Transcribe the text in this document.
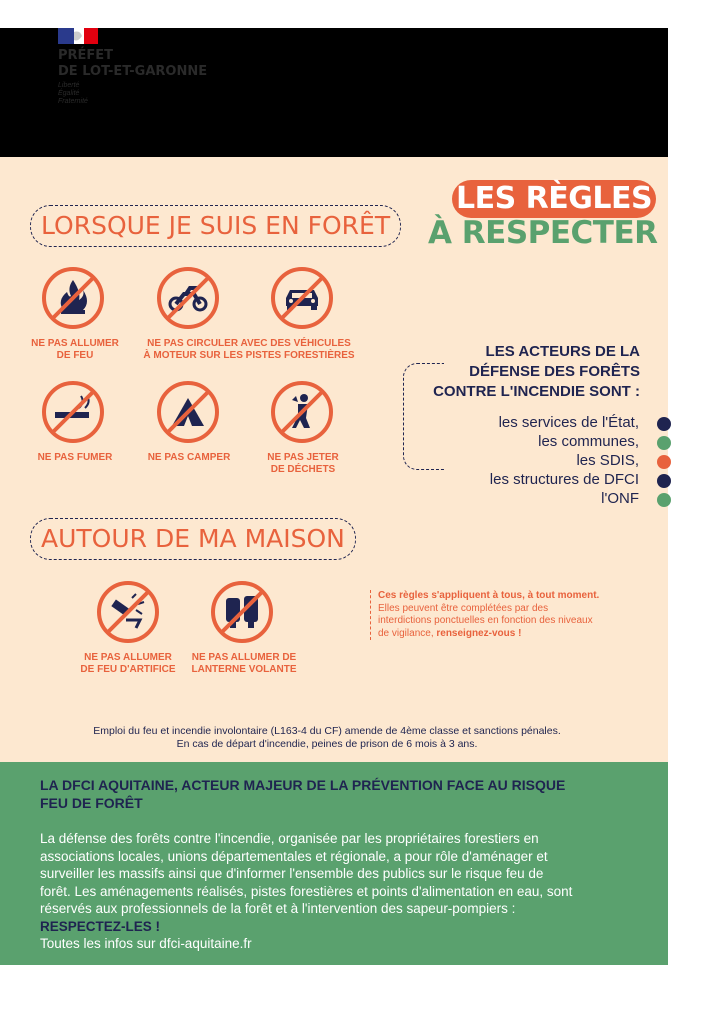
PRÉFET
DE LOT-ET-GARONNE
Liberté
Égalité
Fraternité
LES RÈGLES
À RESPECTER
LORSQUE JE SUIS EN FORÊT
NE PAS ALLUMER
DE FEU
NE PAS CIRCULER AVEC DES VÉHICULES
À MOTEUR SUR LES PISTES FORESTIÈRES
NE PAS FUMER	NE PAS CAMPER	NE PAS JETER
DE DÉCHETS
AUTOUR DE MA MAISON
NE PAS ALLUMER
DE FEU D'ARTIFICE
NE PAS ALLUMER DE
LANTERNE VOLANTE
LES ACTEURS DE LA
DÉFENSE DES FORÊTS
CONTRE L'INCENDIE SONT :
les services de l'État,
les communes,
les SDIS,
les structures de DFCI
l'ONF
Ces règles s'appliquent à tous, à tout moment.
Elles peuvent être complétées par des
interdictions ponctuelles en fonction des niveaux
de vigilance, renseignez-vous !
Emploi du feu et incendie involontaire (L163-4 du CF) amende de 4ème classe et sanctions pénales.
En cas de départ d'incendie, peines de prison de 6 mois à 3 ans.
LA DFCI AQUITAINE, ACTEUR MAJEUR DE LA PRÉVENTION FACE AU RISQUE
FEU DE FORÊT
La défense des forêts contre l'incendie, organisée par les propriétaires forestiers en
associations locales, unions départementales et régionale, a pour rôle d'aménager et
surveiller les massifs ainsi que d'informer l'ensemble des publics sur le risque feu de
forêt. Les aménagements réalisés, pistes forestières et points d'alimentation en eau, sont
réservés aux professionnels de la forêt et à l'intervention des sapeur-pompiers :
RESPECTEZ-LES !
Toutes les infos sur dfci-aquitaine.fr
